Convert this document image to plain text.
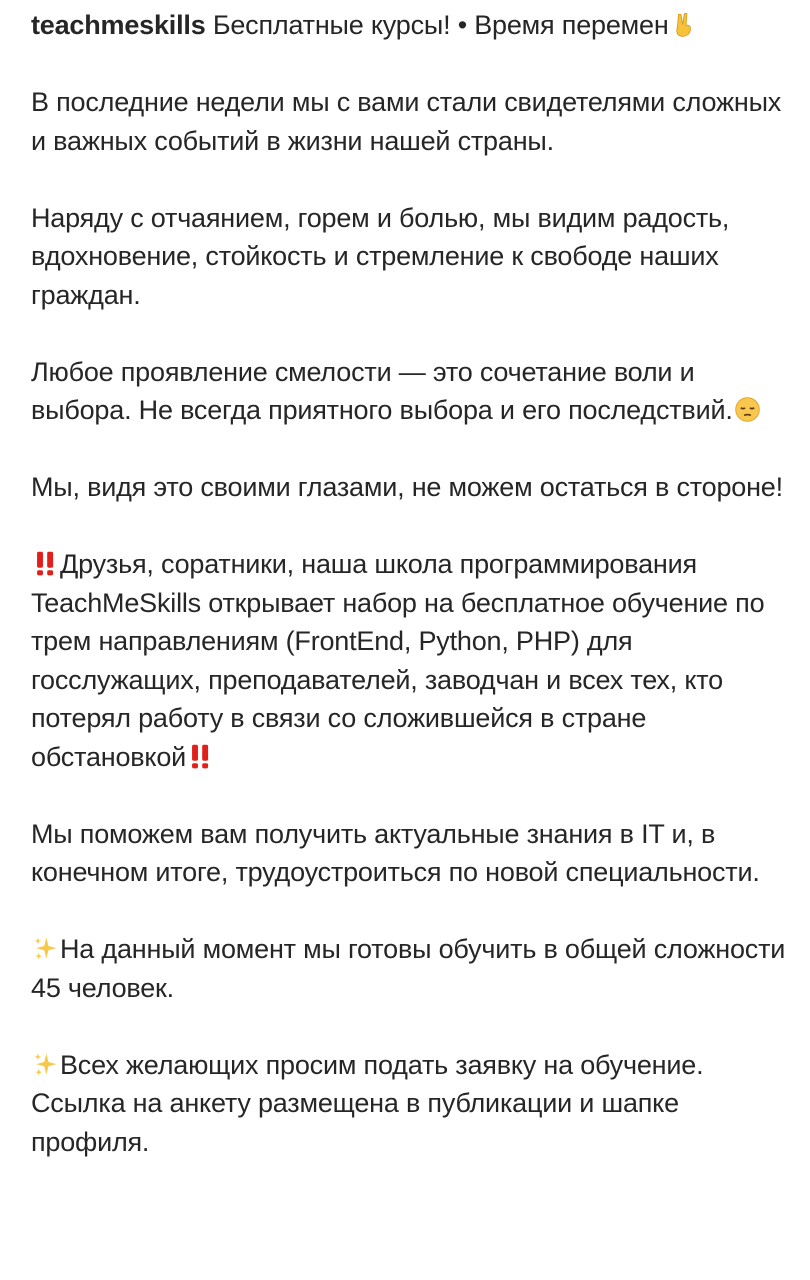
teachmeskills Бесплатные курсы! • Время перемен

В последние недели мы с вами стали свидетелями сложных и важных событий в жизни нашей страны.

Наряду с отчаянием, горем и болью, мы видим радость, вдохновение, стойкость и стремление к свободе наших граждан.

Любое проявление смелости — это сочетание воли и выбора. Не всегда приятного выбора и его последствий.

Мы, видя это своими глазами, не можем остаться в стороне!

Друзья, соратники, наша школа программирования TeachMeSkills открывает набор на бесплатное обучение по трем направлениям (FrontEnd, Python, PHP) для госслужащих, преподавателей, заводчан и всех тех, кто потерял работу в связи со сложившейся в стране обстановкой

Мы поможем вам получить актуальные знания в IT и, в конечном итоге, трудоустроиться по новой специальности.

На данный момент мы готовы обучить в общей сложности 45 человек.

Всех желающих просим подать заявку на обучение. Ссылка на анкету размещена в публикации и шапке профиля.
